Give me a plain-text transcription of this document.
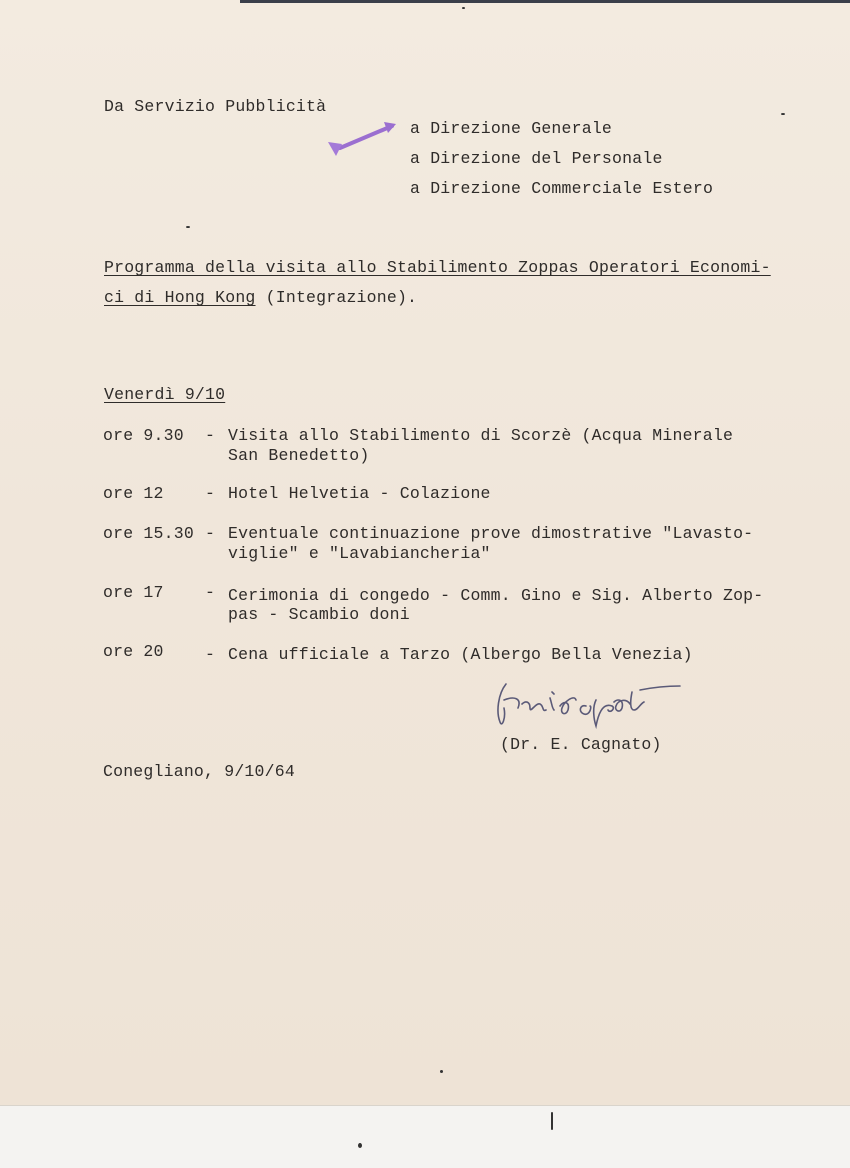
Da Servizio Pubblicità
a Direzione Generale
a Direzione del Personale
a Direzione Commerciale Estero
Programma della visita allo Stabilimento Zoppas Operatori Economi-
ci di Hong Kong (Integrazione).
Venerdì 9/10
ore 9.30 - Visita allo Stabilimento di Scorzè (Acqua Minerale
San Benedetto)
ore 12	- Hotel Helvetia - Colazione
ore 15.30 - Eventuale continuazione prove dimostrative "Lavasto-
viglie" e "Lavabiancheria"
ore 17	- Cerimonia di congedo - Comm. Gino e Sig. Alberto Zop-
pas - Scambio doni
ore 20	- Cena ufficiale a Tarzo (Albergo Bella Venezia)
(Dr. E. Cagnato)
Conegliano, 9/10/64
